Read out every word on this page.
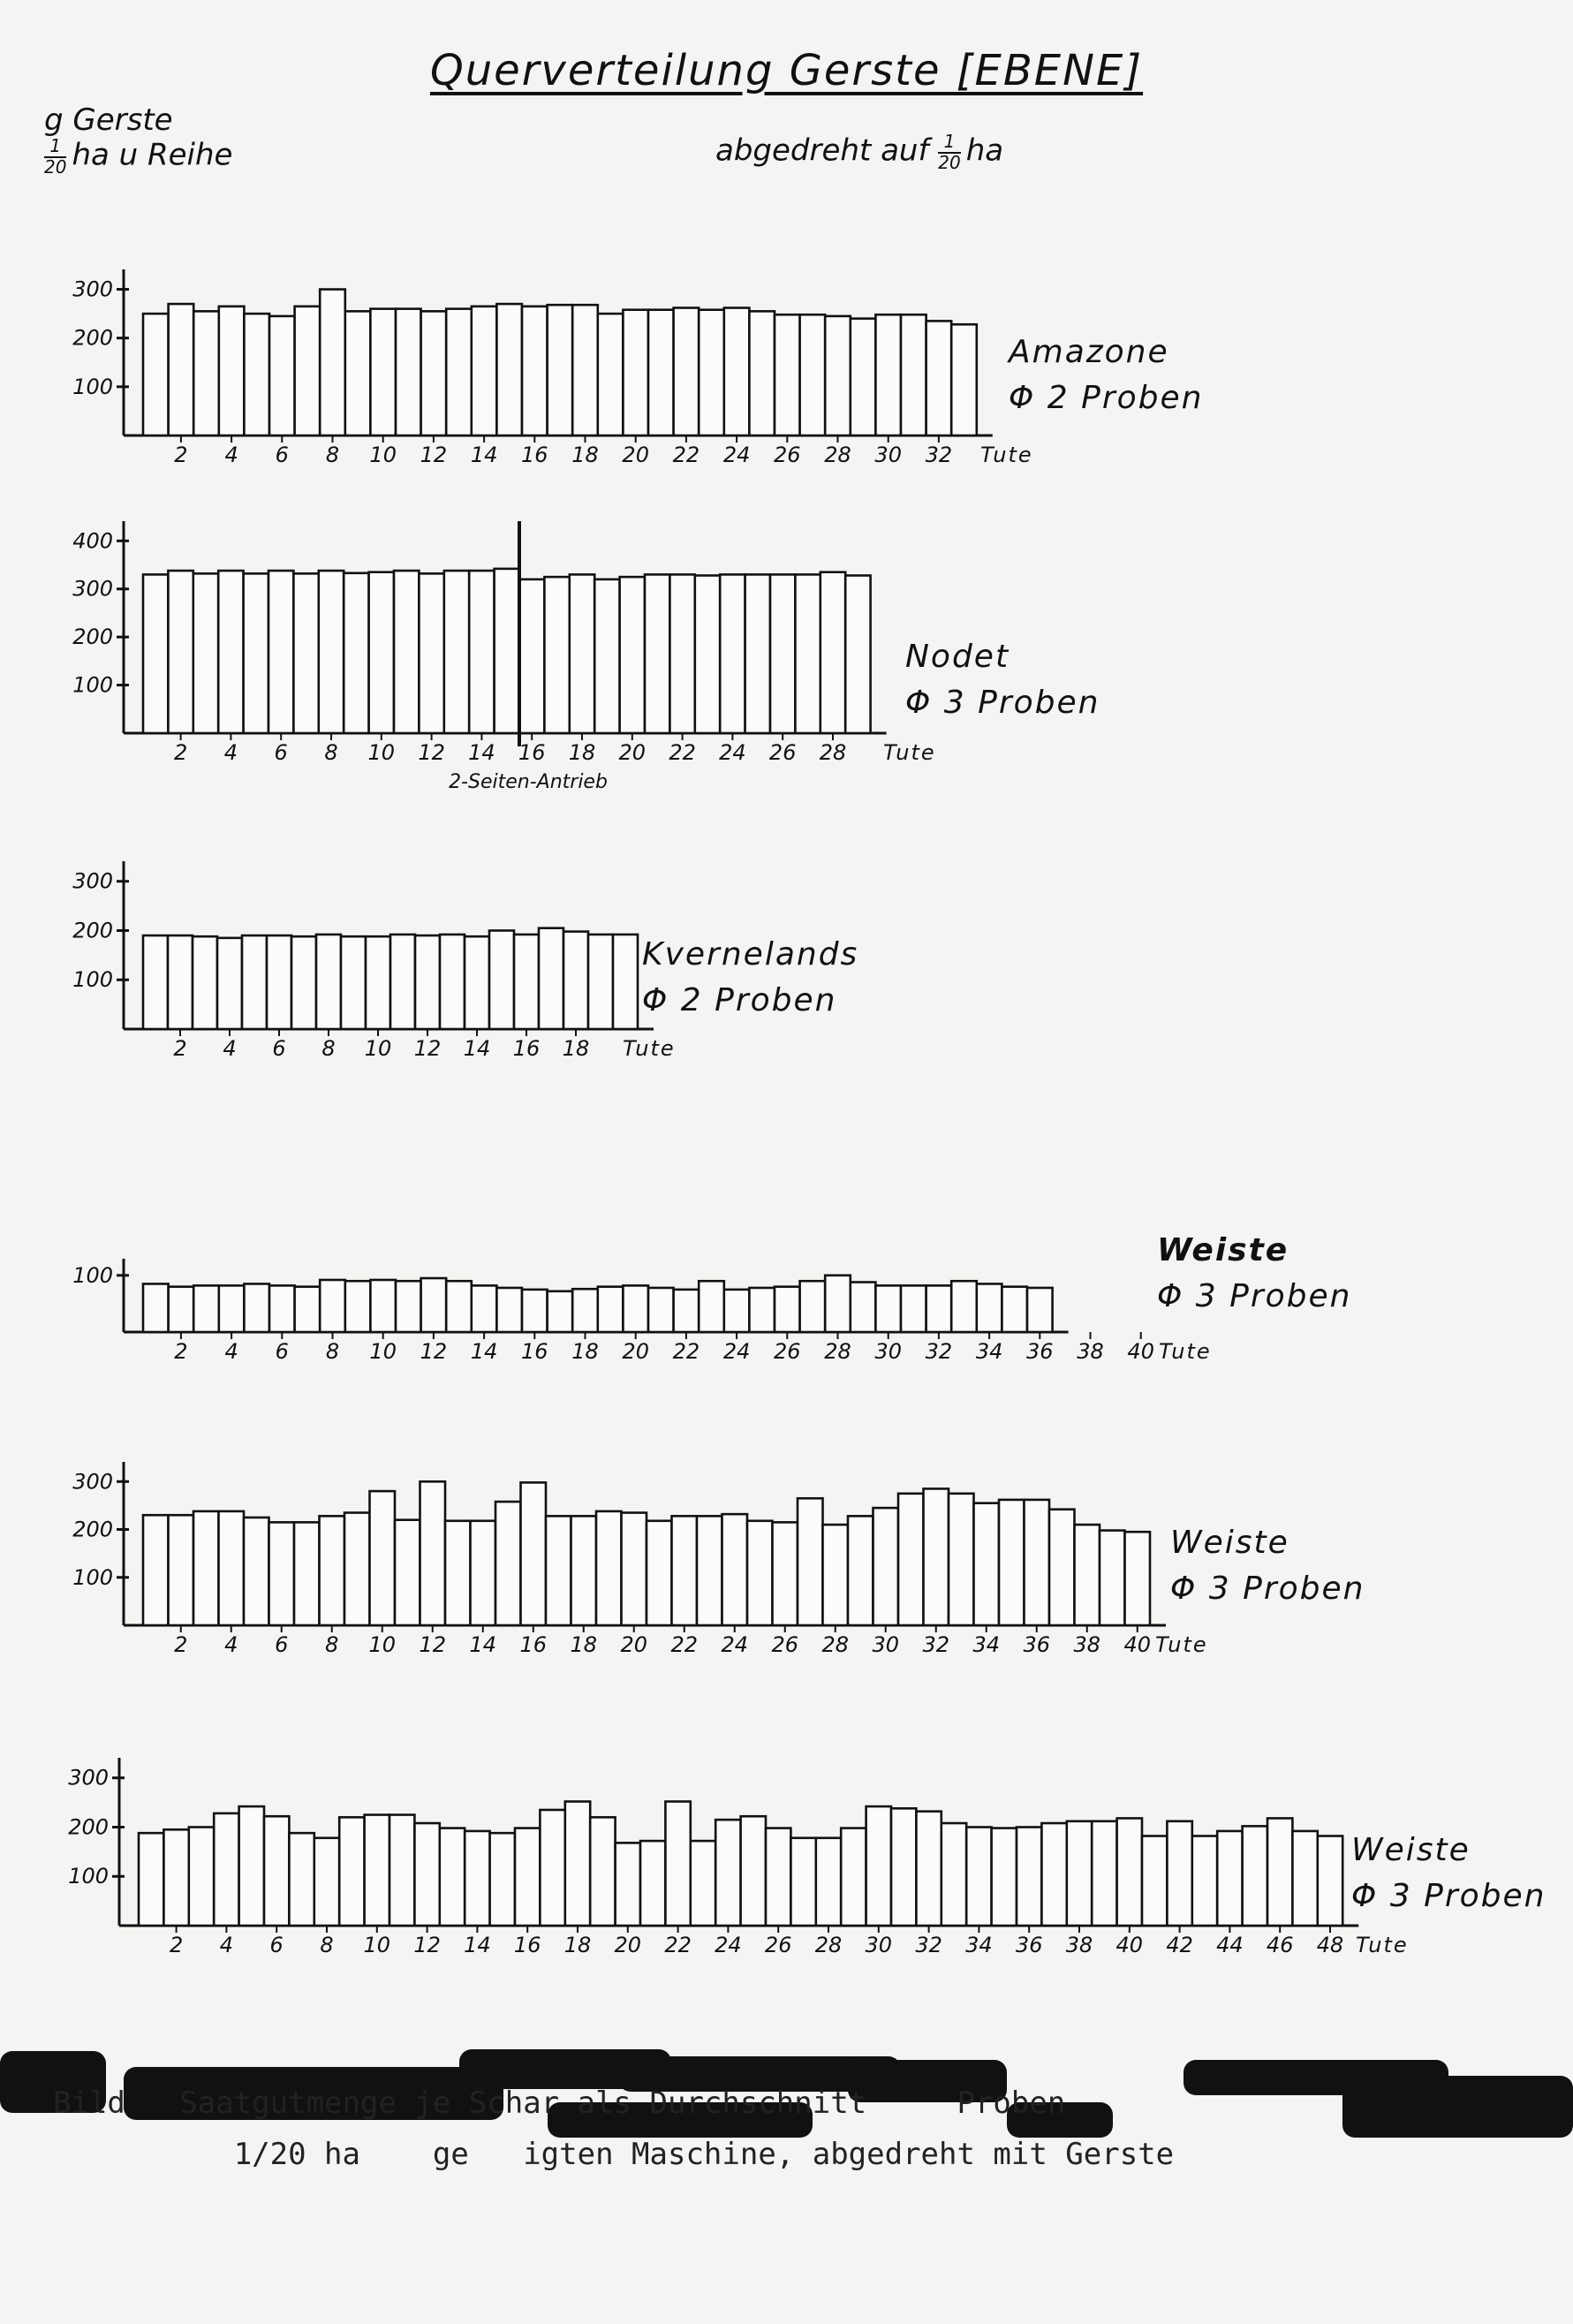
Querverteilung Gerste [EBENE]
g Gerste
$\frac{1}{20}$ ha u Reihe	abgedreht auf $\frac{1}{20}$ ha
100
200
300
2 4 6 8 10 12 14 16 18 20 22 24 26 28 30 32 Tute
Amazone
Φ 2 Proben
100
200
300
400
2 4 6 8 10 12 14 16 18 20 22 24 26 28 Tute
Nodet
Φ 3 Proben
2-Seiten-Antrieb
100
200
300
2 4 6 8 10 12 14 16 18 Tute
Kvernelands
Φ 2 Proben
100
2 4 6 8 10 12 14 16 18 20 22 24 26 28 30 32 34 36 38 40 Tute
Weiste
Φ 3 Proben
100
200
300
2 4 6 8 10 12 14 16 18 20 22 24 26 28 30 32 34 36 38 40 Tute
Weiste
Φ 3 Proben
100
200
300
2 4 6 8 10 12 14 16 18 20 22 24 26 28 30 32 34 36 38 40 42 44 46 48 Tute
Weiste
Φ 3 Proben
Bild   Saatgutmenge je Schar als Durchschnitt     Proben
1/20 ha    ge   igten Maschine, abgedreht mit Gerste
